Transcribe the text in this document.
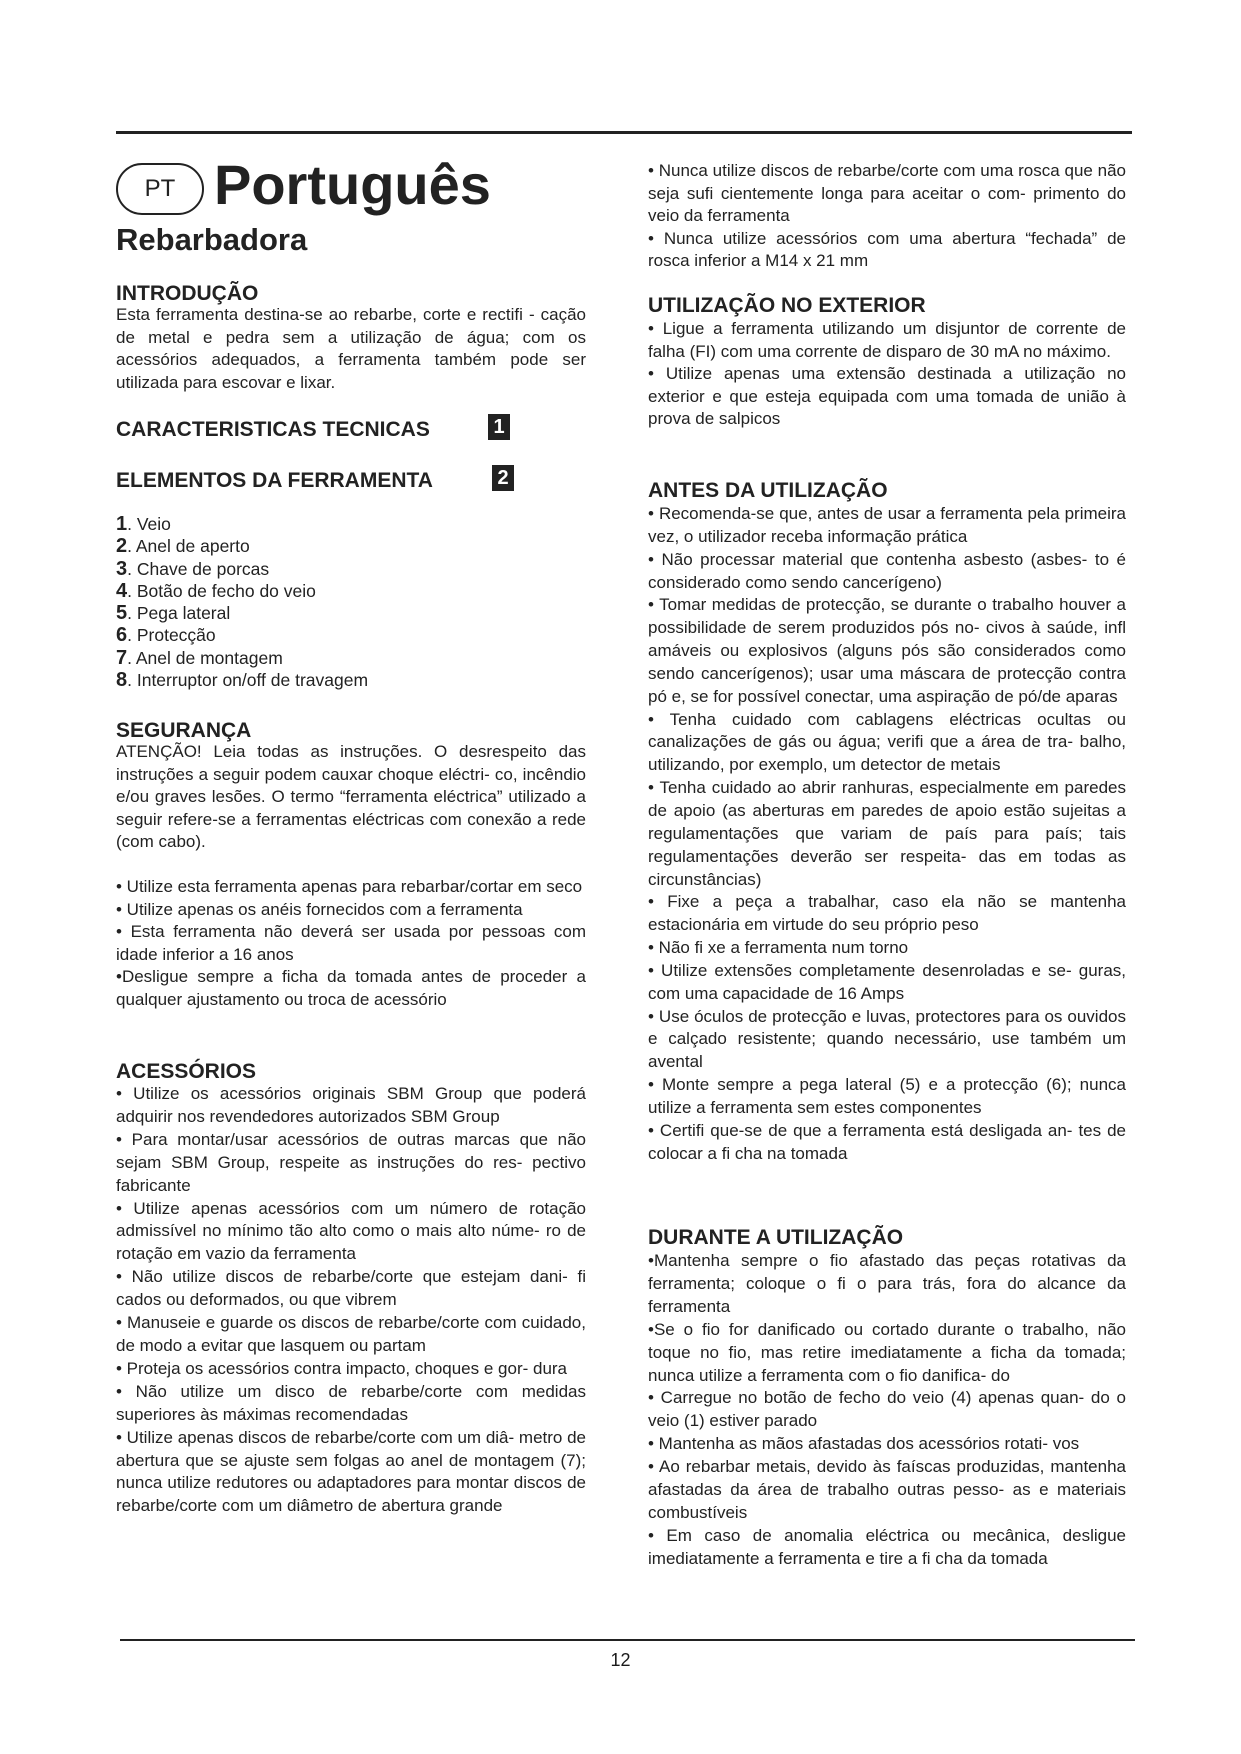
PT Português
Rebarbadora
INTRODUÇÃO
Esta ferramenta destina-se ao rebarbe, corte e rectifi - cação de metal e pedra sem a utilização de água; com os acessórios adequados, a ferramenta também pode ser utilizada para escovar e lixar.
CARACTERISTICAS TECNICAS	1
ELEMENTOS DA FERRAMENTA	2
1. Veio
2. Anel de aperto
3. Chave de porcas
4. Botão de fecho do veio
5. Pega lateral
6. Protecção
7. Anel de montagem
8. Interruptor on/off de travagem
SEGURANÇA
ATENÇÃO! Leia todas as instruções. O desrespeito das instruções a seguir podem cauxar choque eléctri- co, incêndio e/ou graves lesões. O termo “ferramenta eléctrica” utilizado a seguir refere-se a ferramentas eléctricas com conexão a rede (com cabo).

• Utilize esta ferramenta apenas para rebarbar/cortar em seco

• Utilize apenas os anéis fornecidos com a ferramenta

• Esta ferramenta não deverá ser usada por pessoas com idade inferior a 16 anos

•Desligue sempre a ficha da tomada antes de proceder a qualquer ajustamento ou troca de acessório

ACESSÓRIOS

• Utilize os acessórios originais SBM Group que poderá adquirir nos revendedores autorizados SBM Group

• Para montar/usar acessórios de outras marcas que não sejam SBM Group, respeite as instruções do res- pectivo fabricante

• Utilize apenas acessórios com um número de rotação admissível no mínimo tão alto como o mais alto núme- ro de rotação em vazio da ferramenta

• Não utilize discos de rebarbe/corte que estejam dani- fi cados ou deformados, ou que vibrem

• Manuseie e guarde os discos de rebarbe/corte com cuidado, de modo a evitar que lasquem ou partam

• Proteja os acessórios contra impacto, choques e gor- dura

• Não utilize um disco de rebarbe/corte com medidas superiores às máximas recomendadas

• Utilize apenas discos de rebarbe/corte com um diâ- metro de abertura que se ajuste sem folgas ao anel de montagem (7); nunca utilize redutores ou adaptadores para montar discos de rebarbe/corte com um diâmetro de abertura grande

• Nunca utilize discos de rebarbe/corte com uma rosca que não seja sufi cientemente longa para aceitar o com- primento do veio da ferramenta

• Nunca utilize acessórios com uma abertura “fechada” de rosca inferior a M14 x 21 mm

UTILIZAÇÃO NO EXTERIOR

• Ligue a ferramenta utilizando um disjuntor de corrente de falha (FI) com uma corrente de disparo de 30 mA no máximo.

• Utilize apenas uma extensão destinada a utilização no exterior e que esteja equipada com uma tomada de união à prova de salpicos

ANTES DA UTILIZAÇÃO

• Recomenda-se que, antes de usar a ferramenta pela primeira vez, o utilizador receba informação prática

• Não processar material que contenha asbesto (asbes- to é considerado como sendo cancerígeno)

• Tomar medidas de protecção, se durante o trabalho houver a possibilidade de serem produzidos pós no- civos à saúde, infl amáveis ou explosivos (alguns pós são considerados como sendo cancerígenos); usar uma máscara de protecção contra pó e, se for possível conectar, uma aspiração de pó/de aparas

• Tenha cuidado com cablagens eléctricas ocultas ou canalizações de gás ou água; verifi que a área de tra- balho, utilizando, por exemplo, um detector de metais

• Tenha cuidado ao abrir ranhuras, especialmente em paredes de apoio (as aberturas em paredes de apoio estão sujeitas a regulamentações que variam de país para país; tais regulamentações deverão ser respeita- das em todas as circunstâncias)

• Fixe a peça a trabalhar, caso ela não se mantenha estacionária em virtude do seu próprio peso

• Não fi xe a ferramenta num torno

• Utilize extensões completamente desenroladas e se- guras, com uma capacidade de 16 Amps

• Use óculos de protecção e luvas, protectores para os ouvidos e calçado resistente; quando necessário, use também um avental

• Monte sempre a pega lateral (5) e a protecção (6); nunca utilize a ferramenta sem estes componentes

• Certifi que-se de que a ferramenta está desligada an- tes de colocar a fi cha na tomada

DURANTE A UTILIZAÇÃO

•Mantenha sempre o fio afastado das peças rotativas da ferramenta; coloque o fi o para trás, fora do alcance da ferramenta

•Se o fio for danificado ou cortado durante o trabalho, não toque no fio, mas retire imediatamente a ficha da tomada; nunca utilize a ferramenta com o fio danifica- do

• Carregue no botão de fecho do veio (4) apenas quan- do o veio (1) estiver parado

• Mantenha as mãos afastadas dos acessórios rotati- vos

• Ao rebarbar metais, devido às faíscas produzidas, mantenha afastadas da área de trabalho outras pesso- as e materiais combustíveis

• Em caso de anomalia eléctrica ou mecânica, desligue imediatamente a ferramenta e tire a fi cha da tomada

12
